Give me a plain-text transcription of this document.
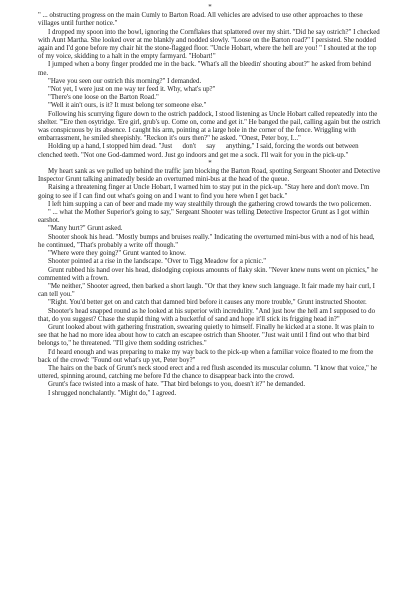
*

" ... obstructing progress on the main Cumly to Barton Road. All vehicles are advised to use other approaches to these villages until further notice."

I dropped my spoon into the bowl, ignoring the Cornflakes that splattered over my shirt. "Did he say ostrich?" I checked with Aunt Martha. She looked over at me blankly and nodded slowly. "Loose on the Barton road?" I persisted. She nodded again and I'd gone before my chair hit the stone-flagged floor. "Uncle Hobart, where the hell are you! " I shouted at the top of my voice, skidding to a halt in the empty farmyard. "Hobart!"

I jumped when a bony finger prodded me in the back. "What's all the bleedin' shouting about?" he asked from behind me.

"Have you seen our ostrich this morning?" I demanded.

"Not yet, I were just on me way ter feed it. Why, what's up?"

"There's one loose on the Barton Road."

"Well it ain't ours, is it? It must belong ter someone else."

Following his scurrying figure down to the ostrich paddock, I stood listening as Uncle Hobart called repeatedly into the shelter. "'Ere then osytridge. 'Ere girl, grub's up. Come on, come and get it." He banged the pail, calling again but the ostrich was conspicuous by its absence. I caught his arm, pointing at a large hole in the corner of the fence. Wriggling with embarrassment, he smiled sheepishly. "Reckon it's ours then?" he asked. "Onest, Peter boy, I..."

Holding up a hand, I stopped him dead. "Just      don't      say      anything," I said, forcing the words out between clenched teeth. "Not one God-dammed word. Just go indoors and get me a sock. I'll wait for you in the pick-up."

*

My heart sank as we pulled up behind the traffic jam blocking the Barton Road, spotting Sergeant Shooter and Detective Inspector Grunt talking animatedly beside an overturned mini-bus at the head of the queue.

Raising a threatening finger at Uncle Hobart, I warned him to stay put in the pick-up. "Stay here and don't move. I'm going to see if I can find out what's going on and I want to find you here when I get back."

I left him supping a can of beer and made my way stealthily through the gathering crowd towards the two policemen.

" ... what the Mother Superior's going to say," Sergeant Shooter was telling Detective Inspector Grunt as I got within earshot.

"Many hurt?" Grunt asked.

Shooter shook his head. "Mostly bumps and bruises really." Indicating the overturned mini-bus with a nod of his head, he continued, "That's probably a write off though."

"Where were they going?" Grunt wanted to know.

Shooter pointed at a rise in the landscape. "Over to Tigg Meadow for a picnic."

Grunt rubbed his hand over his head, dislodging copious amounts of flaky skin. "Never knew nuns went on picnics," he commented with a frown.

"Me neither," Shooter agreed, then barked a short laugh. "Or that they knew such language. It fair made my hair curl, I can tell you."

"Right. You'd better get on and catch that damned bird before it causes any more trouble," Grunt instructed Shooter.

Shooter's head snapped round as he looked at his superior with incredulity. "And just how the hell am I supposed to do that, do you suggest? Chase the stupid thing with a bucketful of sand and hope it'll stick its frigging head in?"

Grunt looked about with gathering frustration, swearing quietly to himself. Finally he kicked at a stone. It was plain to see that he had no more idea about how to catch an escapee ostrich than Shooter. "Just wait until I find out who that bird belongs to," he threatened. "I'll give them sodding ostriches."

I'd heard enough and was preparing to make my way back to the pick-up when a familiar voice floated to me from the back of the crowd: "Found out what's up yet, Peter boy?"

The hairs on the back of Grunt's neck stood erect and a red flush ascended its muscular column. "I know that voice," he uttered, spinning around, catching me before I'd the chance to disappear back into the crowd.

Grunt's face twisted into a mask of hate. "That bird belongs to you, doesn't it?" he demanded.

I shrugged nonchalantly. "Might do," I agreed.
